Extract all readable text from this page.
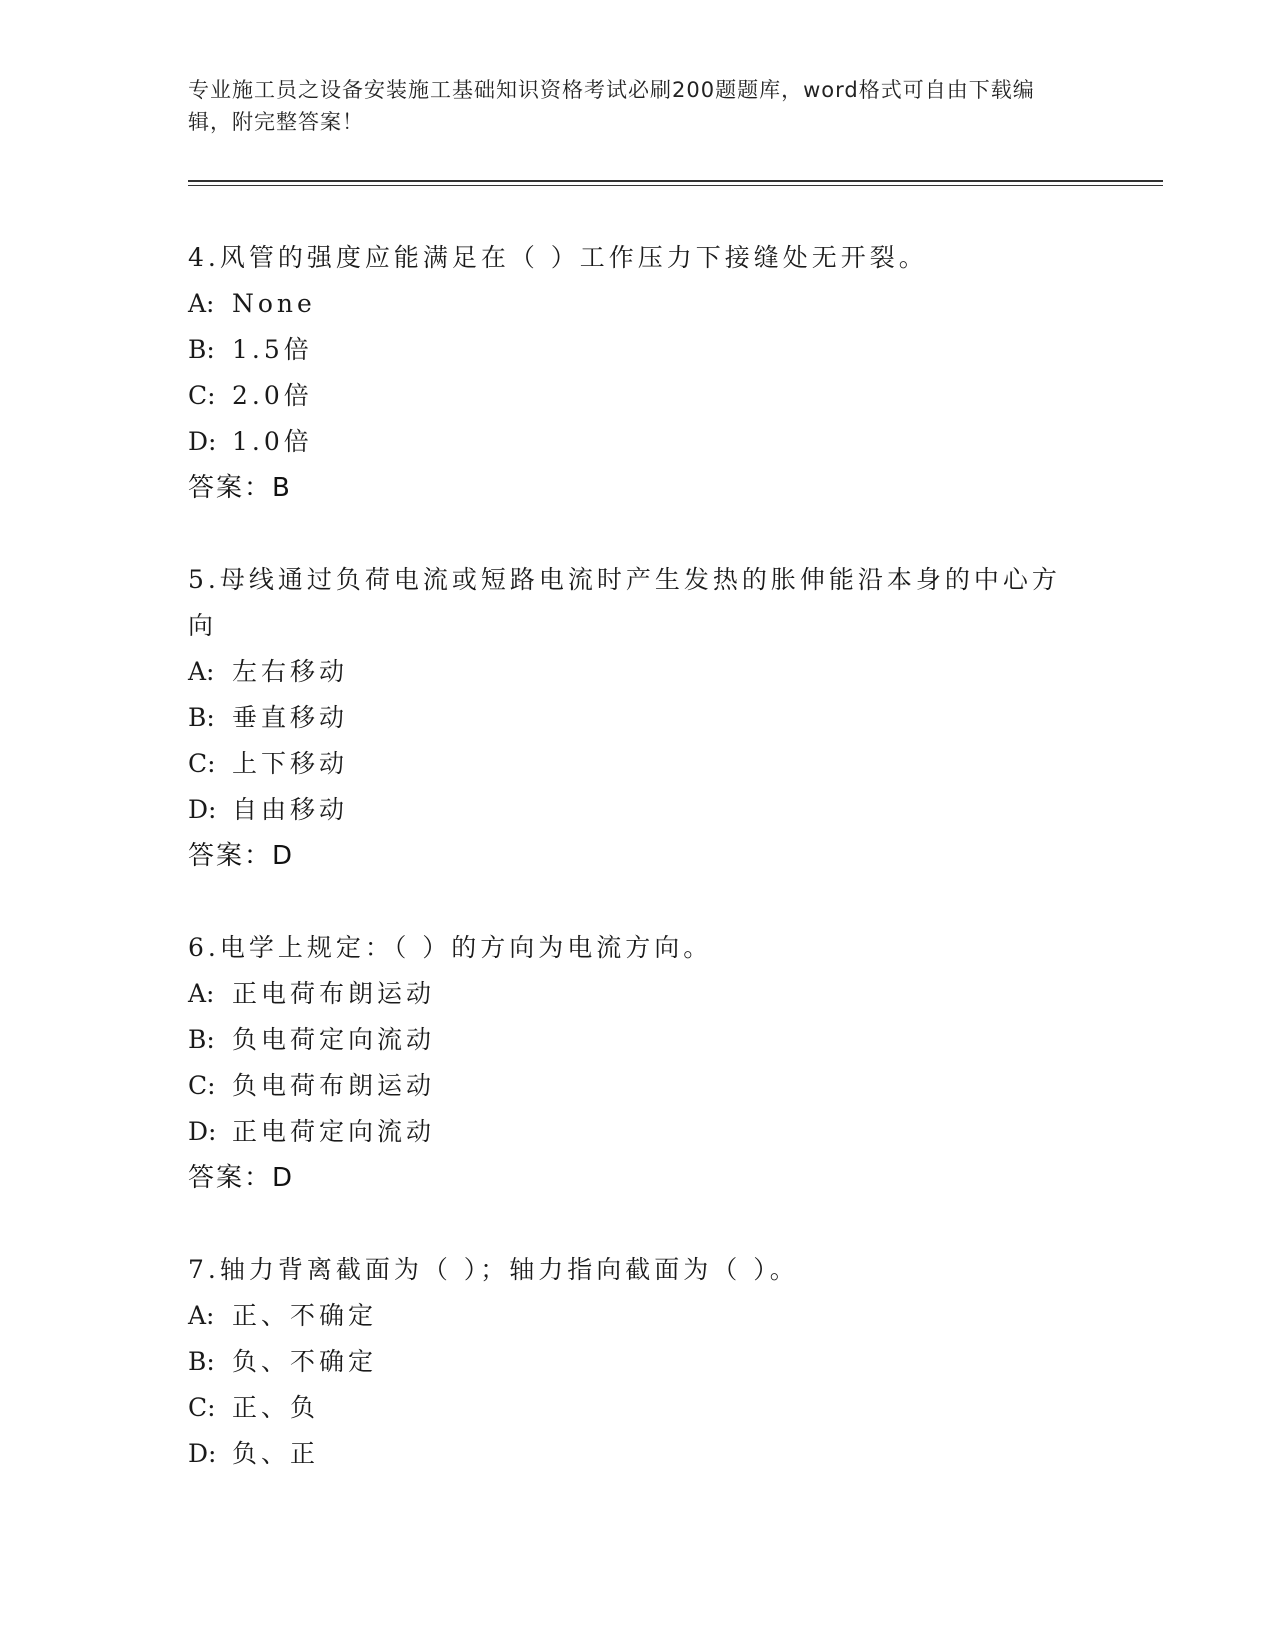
专业施工员之设备安装施工基础知识资格考试必刷200题题库，word格式可自由下载编辑，附完整答案！

4.风管的强度应能满足在（ ）工作压力下接缝处无开裂。

A: None
B: 1.5倍
C: 2.0倍
D: 1.0倍
答案：B

5.母线通过负荷电流或短路电流时产生发热的胀伸能沿本身的中心方向

A: 左右移动
B: 垂直移动
C: 上下移动
D: 自由移动
答案：D

6.电学上规定：（ ）的方向为电流方向。

A: 正电荷布朗运动
B: 负电荷定向流动
C: 负电荷布朗运动
D: 正电荷定向流动
答案：D

7.轴力背离截面为（ ）；轴力指向截面为（ ）。

A: 正、不确定
B: 负、不确定
C: 正、负
D: 负、正
